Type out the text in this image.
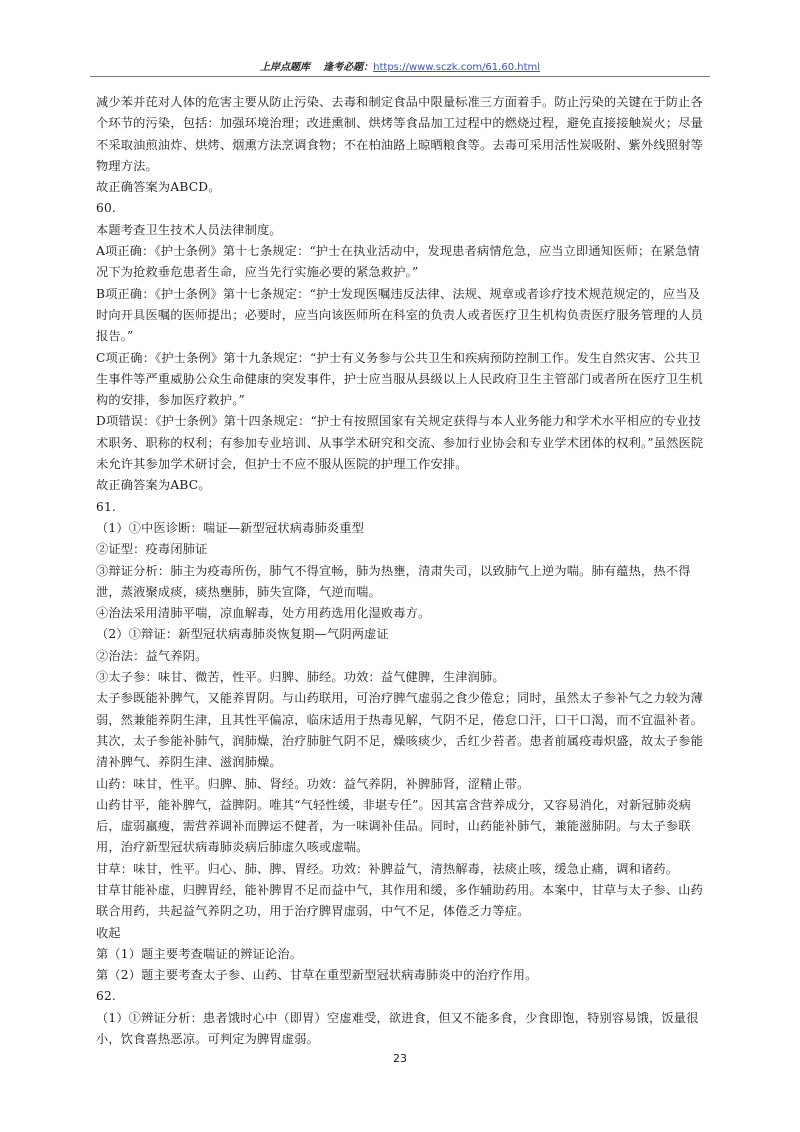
上岸点题库 逢考必题：https://www.sczk.com/61.60.html

减少苯并芘对人体的危害主要从防止污染、去毒和制定食品中限量标准三方面着手。防止污染的关键在于防止各个环节的污染，包括：加强环境治理；改进熏制、烘烤等食品加工过程中的燃烧过程，避免直接接触炭火；尽量不采取油煎油炸、烘烤、烟熏方法烹调食物；不在柏油路上晾晒粮食等。去毒可采用活性炭吸附、紫外线照射等物理方法。

故正确答案为ABCD。

60.

本题考查卫生技术人员法律制度。

A项正确：《护士条例》第十七条规定：“护士在执业活动中，发现患者病情危急，应当立即通知医师；在紧急情况下为抢救垂危患者生命，应当先行实施必要的紧急救护。”

B项正确：《护士条例》第十七条规定：“护士发现医嘱违反法律、法规、规章或者诊疗技术规范规定的，应当及时向开具医嘱的医师提出；必要时，应当向该医师所在科室的负责人或者医疗卫生机构负责医疗服务管理的人员报告。”

C项正确：《护士条例》第十九条规定：“护士有义务参与公共卫生和疾病预防控制工作。发生自然灾害、公共卫生事件等严重威胁公众生命健康的突发事件，护士应当服从县级以上人民政府卫生主管部门或者所在医疗卫生机构的安排，参加医疗救护。”

D项错误：《护士条例》第十四条规定：“护士有按照国家有关规定获得与本人业务能力和学术水平相应的专业技术职务、职称的权利；有参加专业培训、从事学术研究和交流、参加行业协会和专业学术团体的权利。”虽然医院未允许其参加学术研讨会，但护士不应不服从医院的护理工作安排。

故正确答案为ABC。

61.

（1）①中医诊断：喘证—新型冠状病毒肺炎重型

②证型：疫毒闭肺证

③辩证分析：肺主为疫毒所伤，肺气不得宣畅，肺为热壅，清肃失司，以致肺气上逆为喘。肺有蕴热，热不得泄，蒸液聚成痰，痰热壅肺，肺失宣降，气逆而喘。

④治法采用清肺平喘，凉血解毒，处方用药选用化湿败毒方。

（2）①辩证：新型冠状病毒肺炎恢复期—气阴两虚证

②治法：益气养阴。

③太子参：味甘、微苦，性平。归脾、肺经。功效：益气健脾，生津润肺。

太子参既能补脾气，又能养胃阴。与山药联用，可治疗脾气虚弱之食少倦怠；同时，虽然太子参补气之力较为薄弱，然兼能养阴生津，且其性平偏凉，临床适用于热毒见解，气阴不足，倦怠口汗，口干口渴，而不宜温补者。其次，太子参能补肺气，润肺燥，治疗肺脏气阴不足，燥咳痰少，舌红少苔者。患者前属疫毒炽盛，故太子参能清补脾气、养阴生津、滋润肺燥。

山药：味甘，性平。归脾、肺、肾经。功效：益气养阴，补脾肺肾，涩精止带。

山药甘平，能补脾气，益脾阴。唯其“气轻性缓，非堪专任”。因其富含营养成分，又容易消化，对新冠肺炎病后，虚弱羸瘦，需营养调补而脾运不健者，为一味调补佳品。同时，山药能补肺气，兼能滋肺阴。与太子参联用，治疗新型冠状病毒肺炎病后肺虚久咳或虚喘。

甘草：味甘，性平。归心、肺、脾、胃经。功效：补脾益气，清热解毒，祛痰止咳，缓急止痛，调和诸药。

甘草甘能补虚，归脾胃经，能补脾胃不足而益中气，其作用和缓，多作辅助药用。本案中，甘草与太子参、山药联合用药，共起益气养阴之功，用于治疗脾胃虚弱，中气不足，体倦乏力等症。

收起

第（1）题主要考查喘证的辨证论治。

第（2）题主要考查太子参、山药、甘草在重型新型冠状病毒肺炎中的治疗作用。

62.

（1）①辨证分析：患者饿时心中（即胃）空虚难受，欲进食，但又不能多食，少食即饱，特别容易饿，饭量很小，饮食喜热恶凉。可判定为脾胃虚弱。

23
